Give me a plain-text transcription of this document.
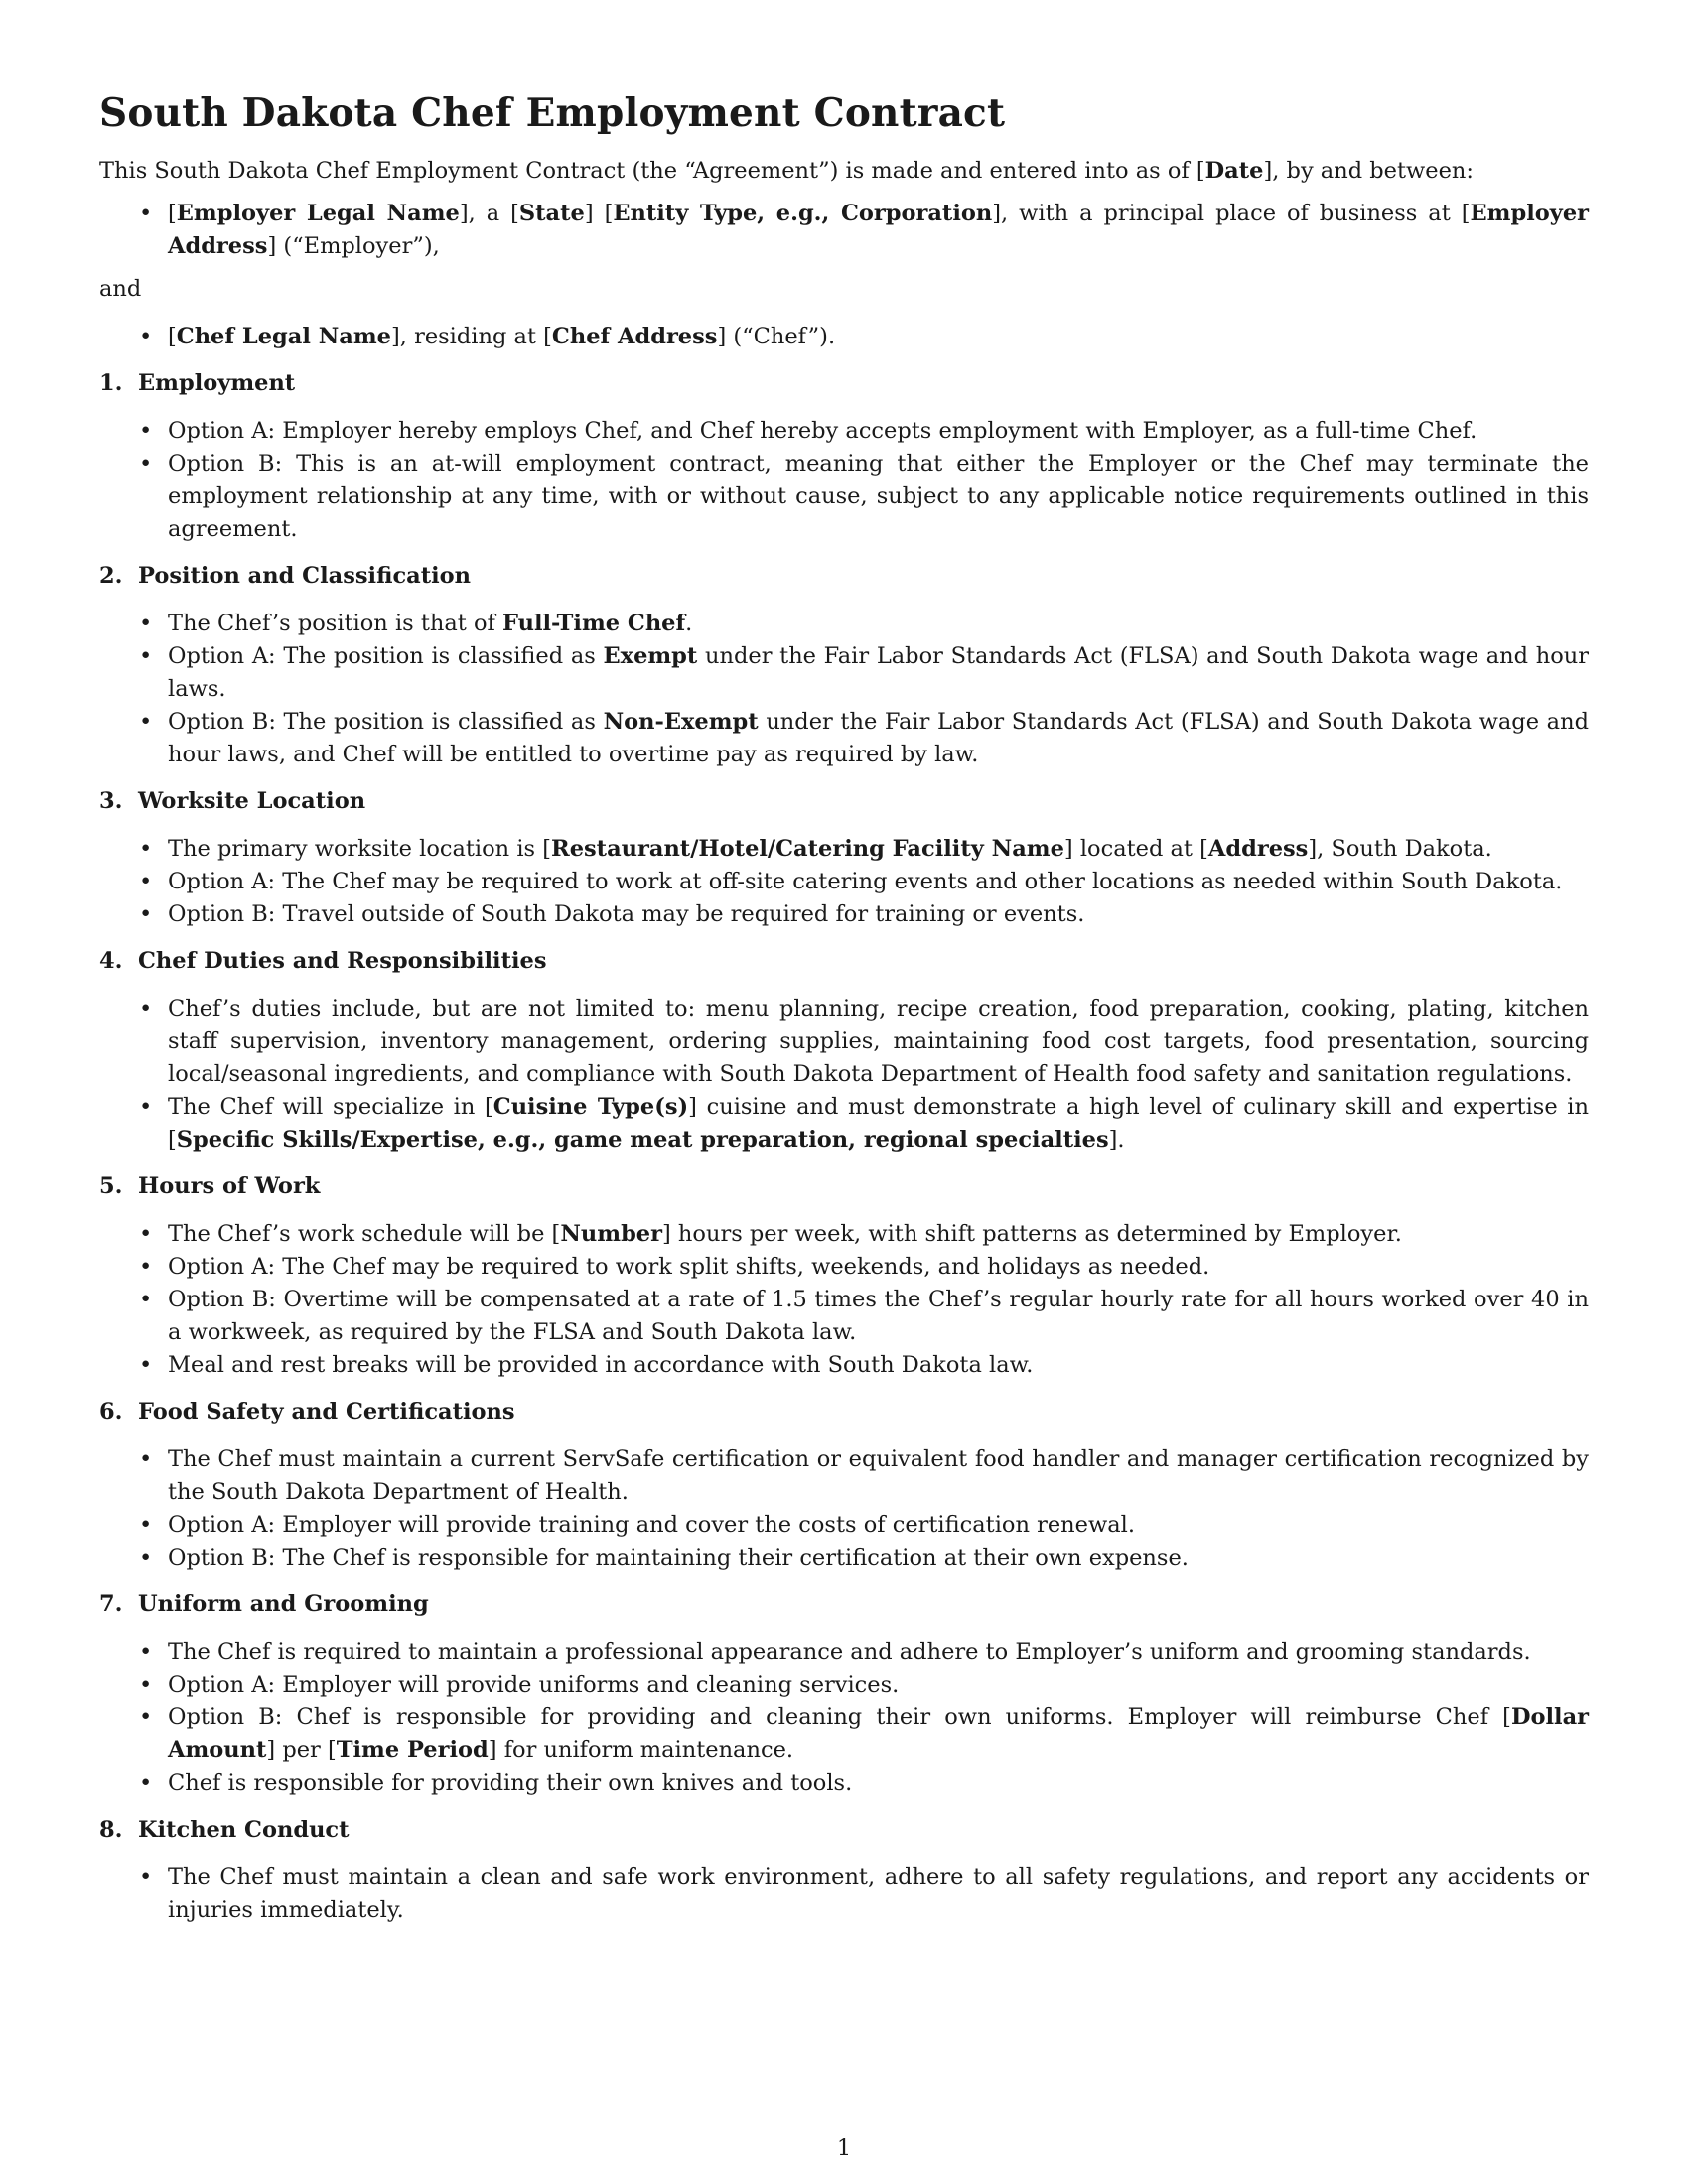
South Dakota Chef Employment Contract

This South Dakota Chef Employment Contract (the “Agreement”) is made and entered into as of [Date], by and between:

• [Employer Legal Name], a [State] [Entity Type, e.g., Corporation], with a principal place of business at [Employer Address] (“Employer”),

and

• [Chef Legal Name], residing at [Chef Address] (“Chef”).
1. Employment
• Option A: Employer hereby employs Chef, and Chef hereby accepts employment with Employer, as a full-time Chef.
• Option B: This is an at-will employment contract, meaning that either the Employer or the Chef may terminate the employment relationship at any time, with or without cause, subject to any applicable notice requirements outlined in this agreement.
2. Position and Classification
• The Chef’s position is that of Full-Time Chef.
• Option A: The position is classified as Exempt under the Fair Labor Standards Act (FLSA) and South Dakota wage and hour laws.
• Option B: The position is classified as Non-Exempt under the Fair Labor Standards Act (FLSA) and South Dakota wage and hour laws, and Chef will be entitled to overtime pay as required by law.
3. Worksite Location
• The primary worksite location is [Restaurant/Hotel/Catering Facility Name] located at [Address], South Dakota.
• Option A: The Chef may be required to work at off-site catering events and other locations as needed within South Dakota.
• Option B: Travel outside of South Dakota may be required for training or events.
4. Chef Duties and Responsibilities
• Chef’s duties include, but are not limited to: menu planning, recipe creation, food preparation, cooking, plating, kitchen staff supervision, inventory management, ordering supplies, maintaining food cost targets, food presentation, sourcing local/seasonal ingredients, and compliance with South Dakota Department of Health food safety and sanitation regulations.
• The Chef will specialize in [Cuisine Type(s)] cuisine and must demonstrate a high level of culinary skill and expertise in [Specific Skills/Expertise, e.g., game meat preparation, regional specialties].
5. Hours of Work
• The Chef’s work schedule will be [Number] hours per week, with shift patterns as determined by Employer.
• Option A: The Chef may be required to work split shifts, weekends, and holidays as needed.
• Option B: Overtime will be compensated at a rate of 1.5 times the Chef’s regular hourly rate for all hours worked over 40 in a workweek, as required by the FLSA and South Dakota law.
• Meal and rest breaks will be provided in accordance with South Dakota law.
6. Food Safety and Certifications
• The Chef must maintain a current ServSafe certification or equivalent food handler and manager certification recognized by the South Dakota Department of Health.
• Option A: Employer will provide training and cover the costs of certification renewal.
• Option B: The Chef is responsible for maintaining their certification at their own expense.
7. Uniform and Grooming
• The Chef is required to maintain a professional appearance and adhere to Employer’s uniform and grooming standards.
• Option A: Employer will provide uniforms and cleaning services.
• Option B: Chef is responsible for providing and cleaning their own uniforms. Employer will reimburse Chef [Dollar Amount] per [Time Period] for uniform maintenance.
• Chef is responsible for providing their own knives and tools.
8. Kitchen Conduct
• The Chef must maintain a clean and safe work environment, adhere to all safety regulations, and report any accidents or injuries immediately.
1
